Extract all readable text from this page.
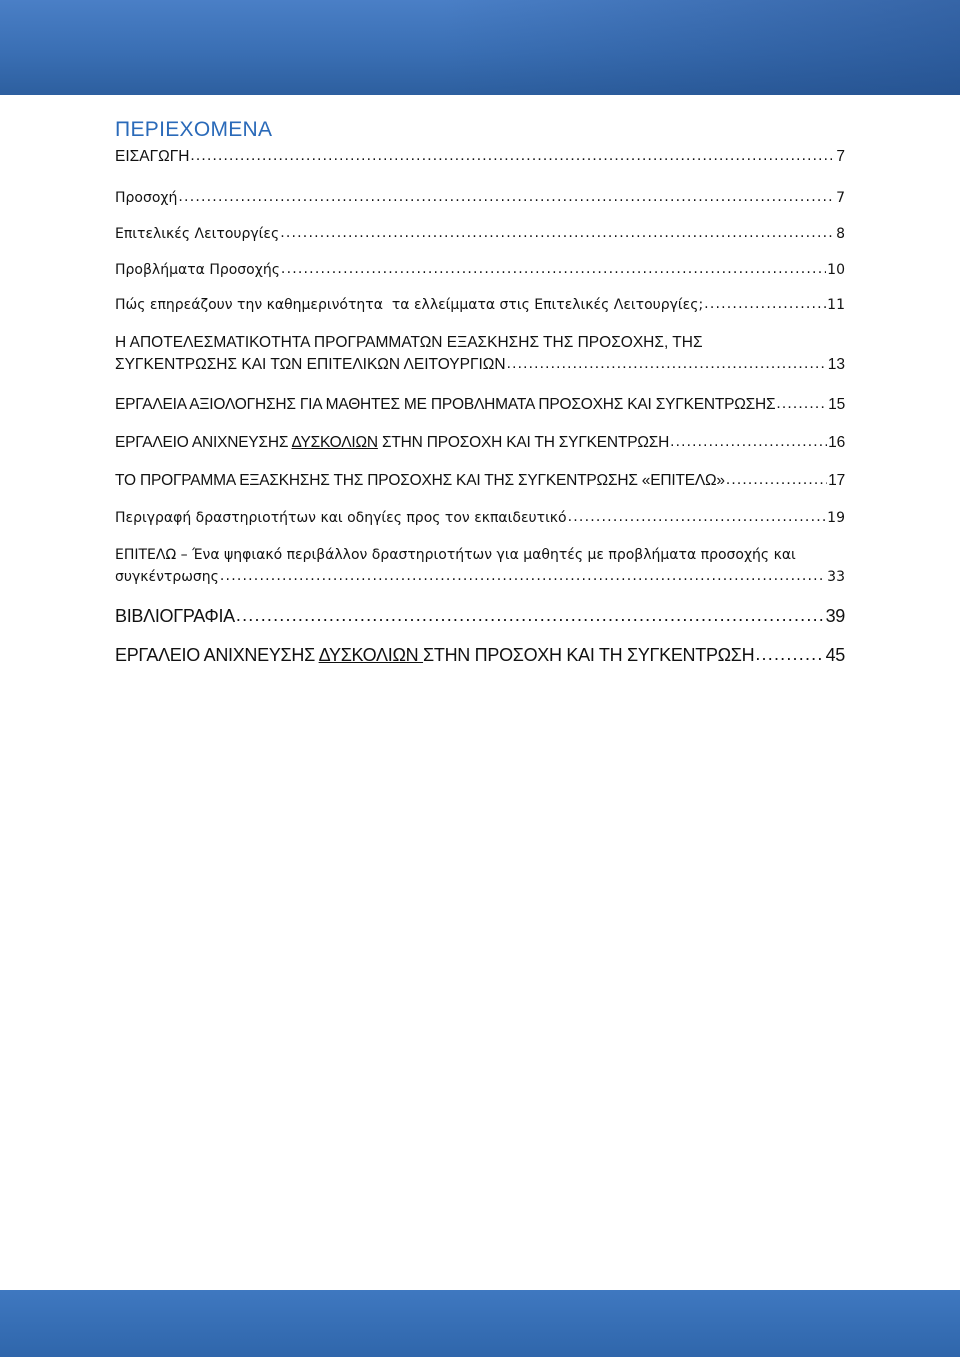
ΠΕΡΙΕΧΟΜΕΝΑ
ΕΙΣΑΓΩΓΗ .....	7
Προσοχή .....	7
Επιτελικές Λειτουργίες .....	8
Προβλήματα Προσοχής .....	10
Πώς επηρεάζουν την καθημερινότητα  τα ελλείμματα στις Επιτελικές Λειτουργίες; .....	11
Η ΑΠΟΤΕΛΕΣΜΑΤΙΚΟΤΗΤΑ ΠΡΟΓΡΑΜΜΑΤΩΝ ΕΞΑΣΚΗΣΗΣ ΤΗΣ ΠΡΟΣΟΧΗΣ, ΤΗΣ
ΣΥΓΚΕΝΤΡΩΣΗΣ ΚΑΙ ΤΩΝ ΕΠΙΤΕΛΙΚΩΝ ΛΕΙΤΟΥΡΓΙΩΝ .....	13
ΕΡΓΑΛΕΙΑ ΑΞΙΟΛΟΓΗΣΗΣ ΓΙΑ ΜΑΘΗΤΕΣ ΜΕ ΠΡΟΒΛΗΜΑΤΑ ΠΡΟΣΟΧΗΣ ΚΑΙ ΣΥΓΚΕΝΤΡΩΣΗΣ .....	15
ΕΡΓΑΛΕΙΟ ΑΝΙΧΝΕΥΣΗΣ ΔΥΣΚΟΛΙΩΝ ΣΤΗΝ ΠΡΟΣΟΧΗ ΚΑΙ ΤΗ ΣΥΓΚΕΝΤΡΩΣΗ .....	16
ΤΟ ΠΡΟΓΡΑΜΜΑ ΕΞΑΣΚΗΣΗΣ ΤΗΣ ΠΡΟΣΟΧΗΣ ΚΑΙ ΤΗΣ ΣΥΓΚΕΝΤΡΩΣΗΣ «ΕΠΙΤΕΛΩ» .....	17
Περιγραφή δραστηριοτήτων και οδηγίες προς τον εκπαιδευτικό .....	19
ΕΠΙΤΕΛΩ – Ένα ψηφιακό περιβάλλον δραστηριοτήτων για μαθητές με προβλήματα προσοχής και
συγκέντρωσης .....	33
ΒΙΒΛΙΟΓΡΑΦΙΑ .....	39
ΕΡΓΑΛΕΙΟ ΑΝΙΧΝΕΥΣΗΣ ΔΥΣΚΟΛΙΩΝ ΣΤΗΝ ΠΡΟΣΟΧΗ ΚΑΙ ΤΗ ΣΥΓΚΕΝΤΡΩΣΗ .....	45
